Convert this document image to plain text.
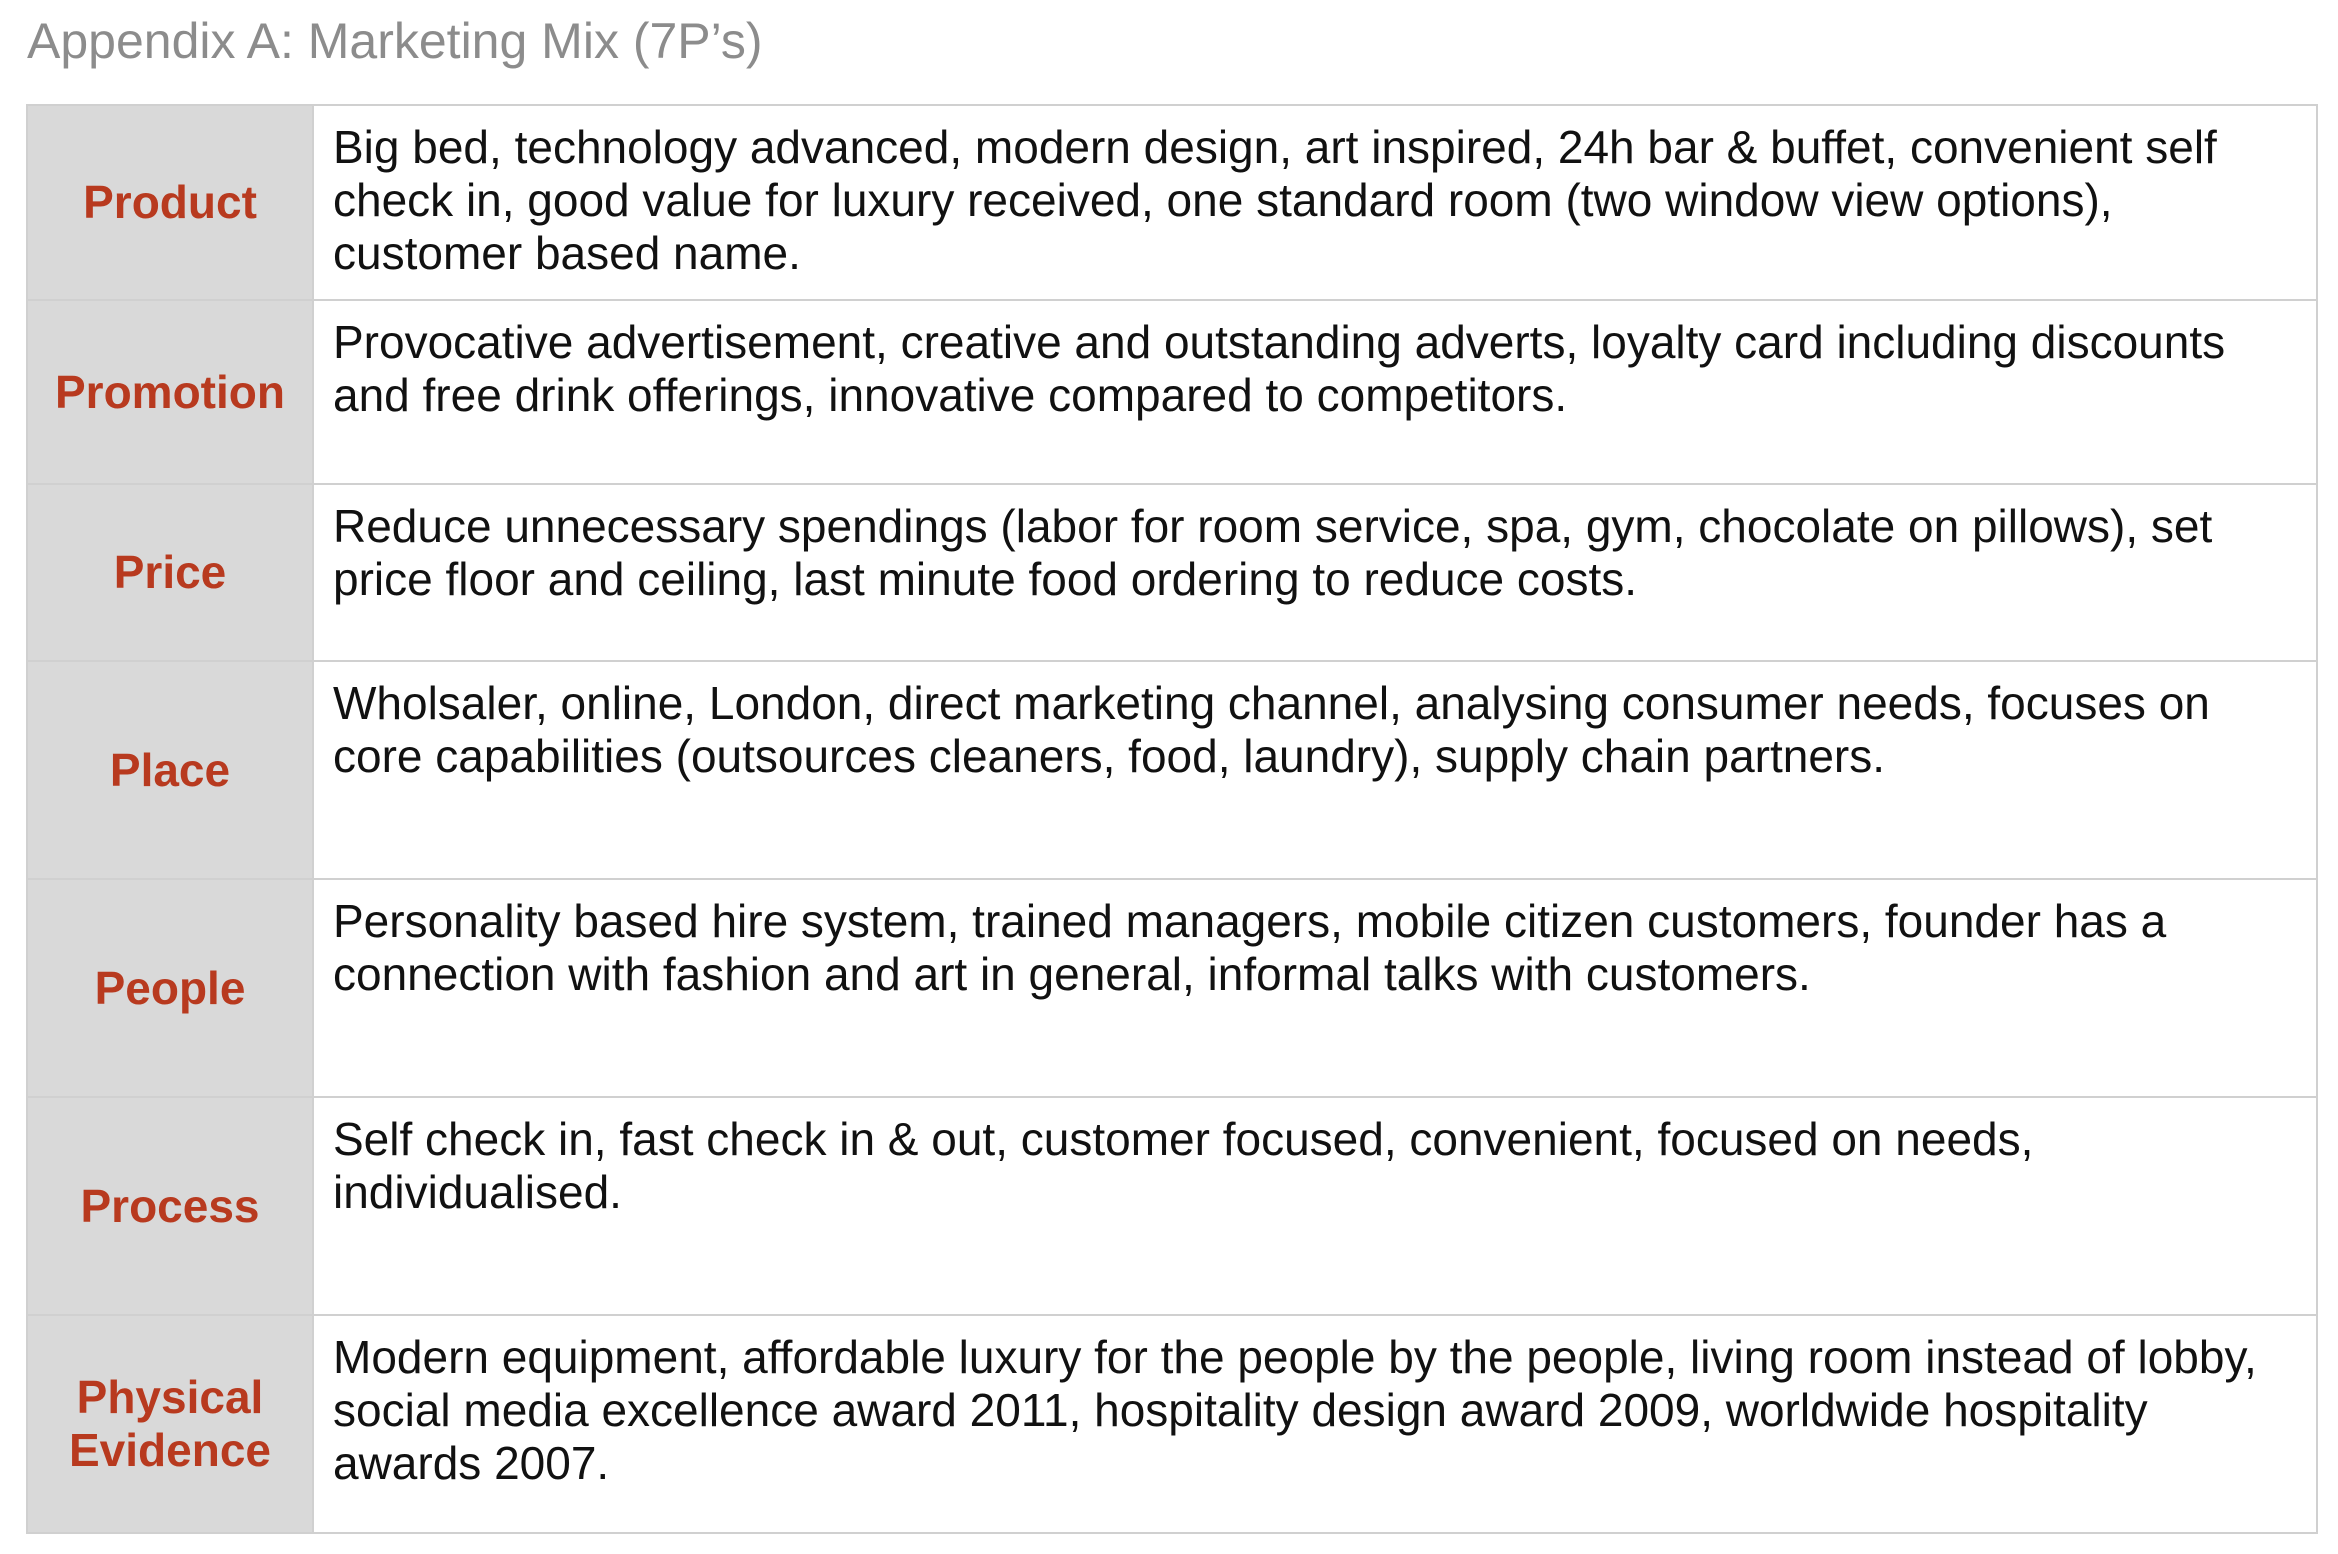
Appendix A: Marketing Mix (7P’s)
Product	Big bed, technology advanced, modern design, art inspired, 24h bar & buffet, convenient self check in, good value for luxury received, one standard room (two window view options), customer based name.

Promotion	Provocative advertisement, creative and outstanding adverts, loyalty card including discounts and free drink offerings, innovative compared to competitors.

Price	Reduce unnecessary spendings (labor for room service, spa, gym, chocolate on pillows), set price floor and ceiling, last minute food ordering to reduce costs.

Place	Wholsaler, online, London, direct marketing channel, analysing consumer needs, focuses on core capabilities (outsources cleaners, food, laundry), supply chain partners.

People	Personality based hire system, trained managers, mobile citizen customers, founder has a connection with fashion and art in general, informal talks with customers.

Process	Self check in, fast check in & out, customer focused, convenient, focused on needs, individualised.

Physical Evidence	Modern equipment, affordable luxury for the people by the people, living room instead of lobby, social media excellence award 2011, hospitality design award 2009, worldwide hospitality awards 2007.
